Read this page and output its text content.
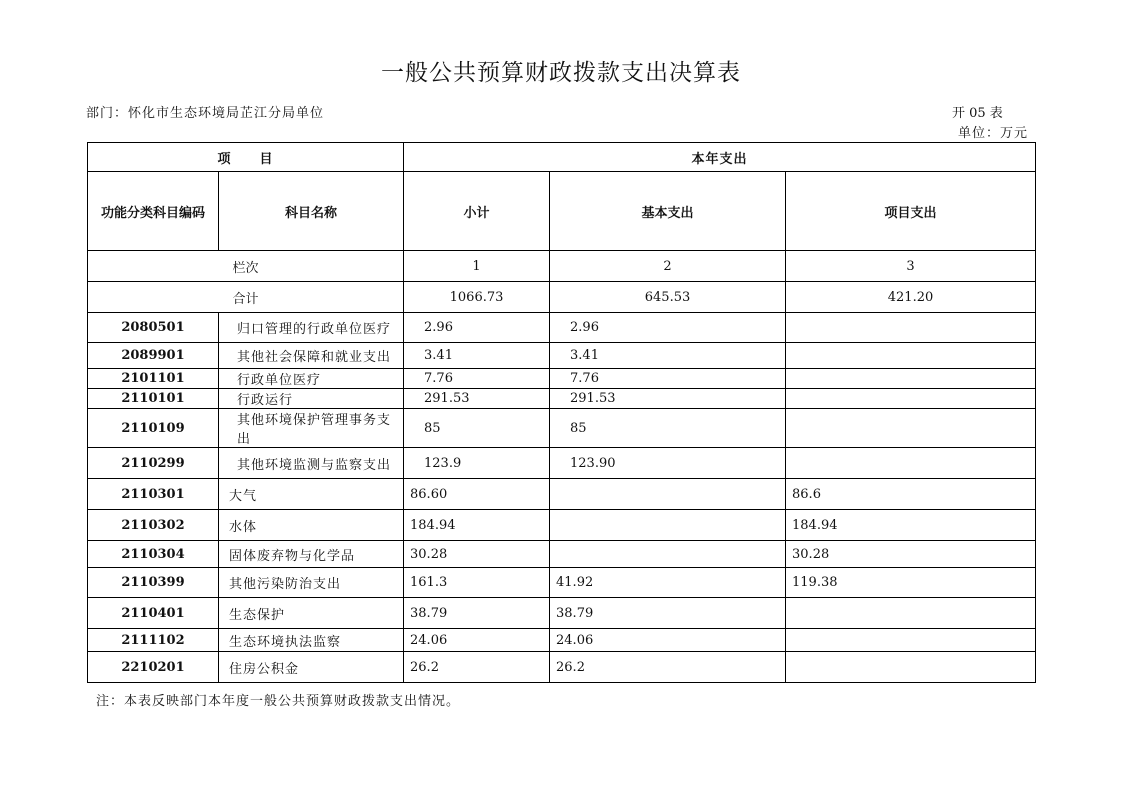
一般公共预算财政拨款支出决算表
部门：怀化市生态环境局芷江分局单位	开 05 表
单位：万元
项　　目		本年支出		
功能分类科目编码	科目名称	小计	基本支出	项目支出
栏次		1	2	3
合计		1066.73	645.53	421.20
2080501	归口管理的行政单位医疗	2.96	2.96	
2089901	其他社会保障和就业支出	3.41	3.41	
2101101	行政单位医疗	7.76	7.76	
2110101	行政运行	291.53	291.53	
2110109	其他环境保护管理事务支出	85	85	
2110299	其他环境监测与监察支出	123.9	123.90	
2110301	大气	86.60		86.6
2110302	水体	184.94		184.94
2110304	固体废弃物与化学品	30.28		30.28
2110399	其他污染防治支出	161.3	41.92	119.38
2110401	生态保护	38.79	38.79	
2111102	生态环境执法监察	24.06	24.06	
2210201	住房公积金	26.2	26.2	
注：本表反映部门本年度一般公共预算财政拨款支出情况。
